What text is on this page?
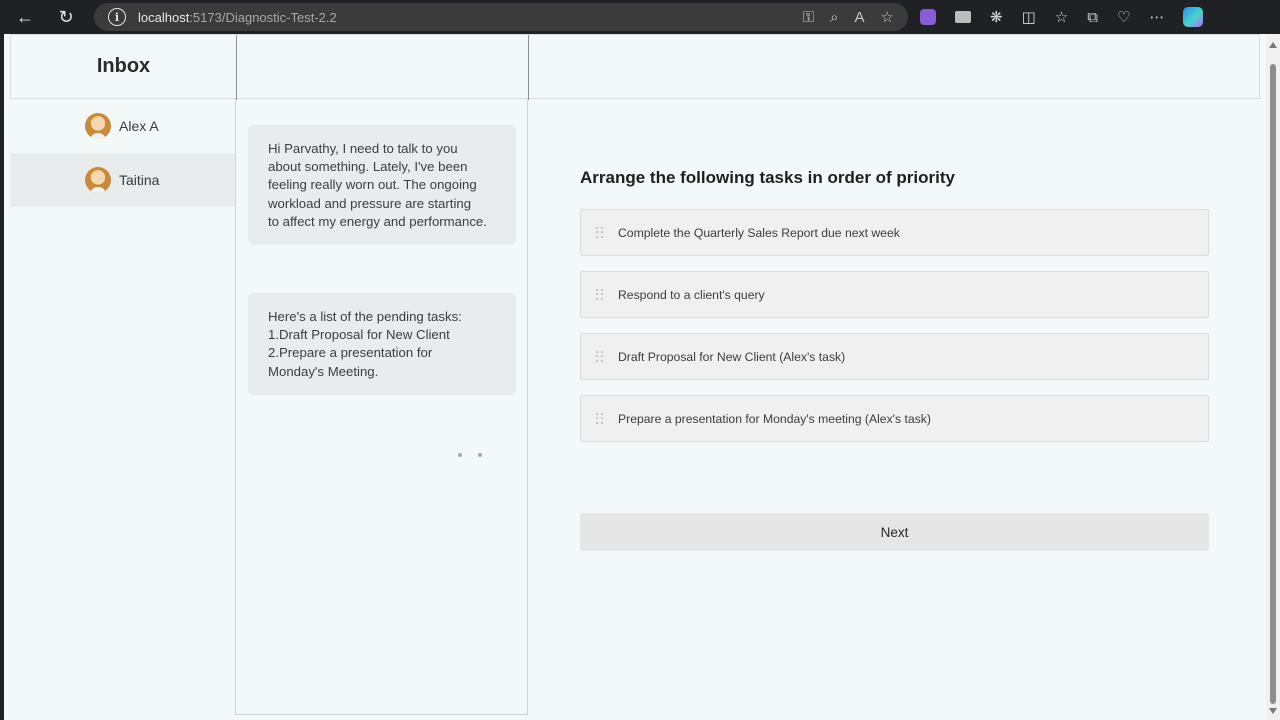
←	↻	i	localhost:5173/Diagnostic-Test-2.2	⚿ ⌕ A ☆	❋ ◫ ☆ ⧉ ♡ ⋯
Inbox
Alex A
Taitina

Hi Parvathy, I need to talk to you
about something. Lately, I've been
feeling really worn out. The ongoing
workload and pressure are starting
to affect my energy and performance.

Here's a list of the pending tasks:
1.Draft Proposal for New Client
2.Prepare a presentation for
Monday's Meeting.

Arrange the following tasks in order of priority
Complete the Quarterly Sales Report due next week
Respond to a client's query
Draft Proposal for New Client (Alex's task)
Prepare a presentation for Monday's meeting (Alex's task)
Next
